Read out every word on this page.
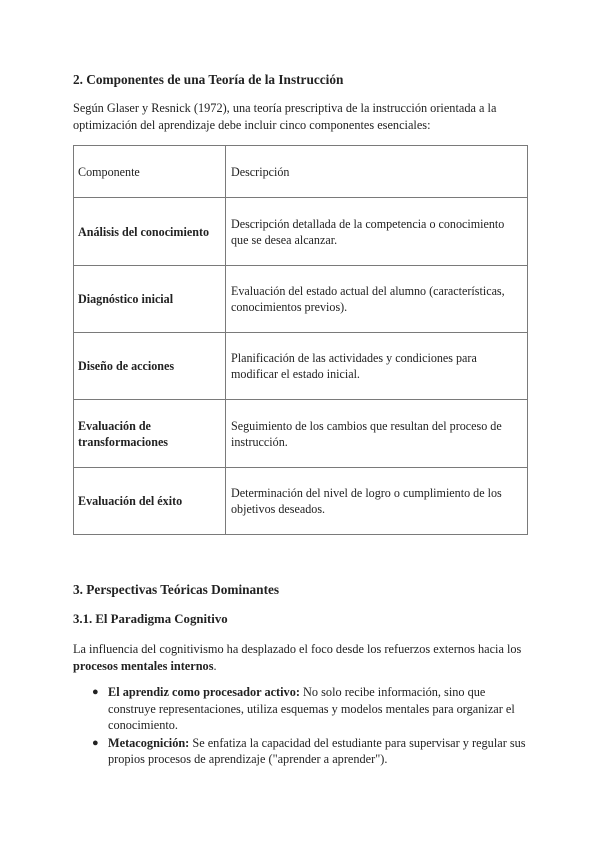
2. Componentes de una Teoría de la Instrucción

Según Glaser y Resnick (1972), una teoría prescriptiva de la instrucción orientada a la optimización del aprendizaje debe incluir cinco componentes esenciales:

Componente	Descripción
Análisis del conocimiento	Descripción detallada de la competencia o conocimiento que se desea alcanzar.
Diagnóstico inicial	Evaluación del estado actual del alumno (características, conocimientos previos).
Diseño de acciones	Planificación de las actividades y condiciones para modificar el estado inicial.
Evaluación de transformaciones	Seguimiento de los cambios que resultan del proceso de instrucción.
Evaluación del éxito	Determinación del nivel de logro o cumplimiento de los objetivos deseados.
3. Perspectivas Teóricas Dominantes
3.1. El Paradigma Cognitivo

La influencia del cognitivismo ha desplazado el foco desde los refuerzos externos hacia los procesos mentales internos.

● El aprendiz como procesador activo: No solo recibe información, sino que construye representaciones, utiliza esquemas y modelos mentales para organizar el conocimiento.
● Metacognición: Se enfatiza la capacidad del estudiante para supervisar y regular sus propios procesos de aprendizaje ("aprender a aprender").
